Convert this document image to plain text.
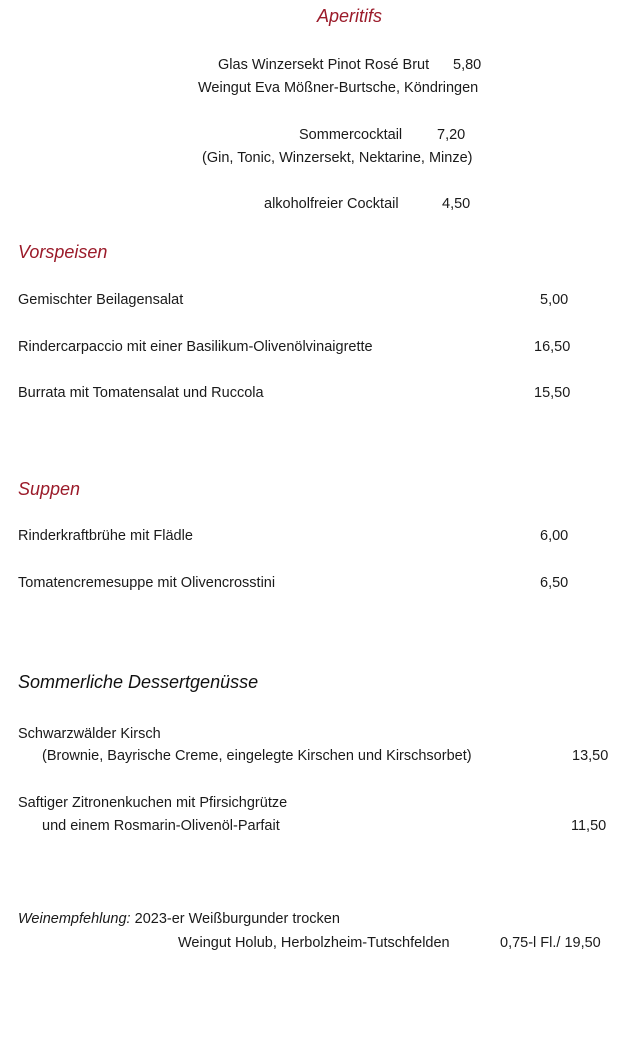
Aperitifs
Glas Winzersekt Pinot Rosé Brut 5,80
Weingut Eva Mößner-Burtsche, Köndringen
Sommercocktail 7,20
(Gin, Tonic, Winzersekt, Nektarine, Minze)
alkoholfreier Cocktail	4,50
Vorspeisen
Gemischter Beilagensalat	5,00
Rindercarpaccio mit einer Basilikum-Olivenölvinaigrette	16,50
Burrata mit Tomatensalat und Ruccola	15,50
Suppen
Rinderkraftbrühe mit Flädle	6,00
Tomatencremesuppe mit Olivencrosstini	6,50
Sommerliche Dessertgenüsse
Schwarzwälder Kirsch
(Brownie, Bayrische Creme, eingelegte Kirschen und Kirschsorbet)	13,50
Saftiger Zitronenkuchen mit Pfirsichgrütze
und einem Rosmarin-Olivenöl-Parfait	11,50
Weinempfehlung: 2023-er Weißburgunder trocken
Weingut Holub, Herbolzheim-Tutschfelden	0,75-l Fl./ 19,50
